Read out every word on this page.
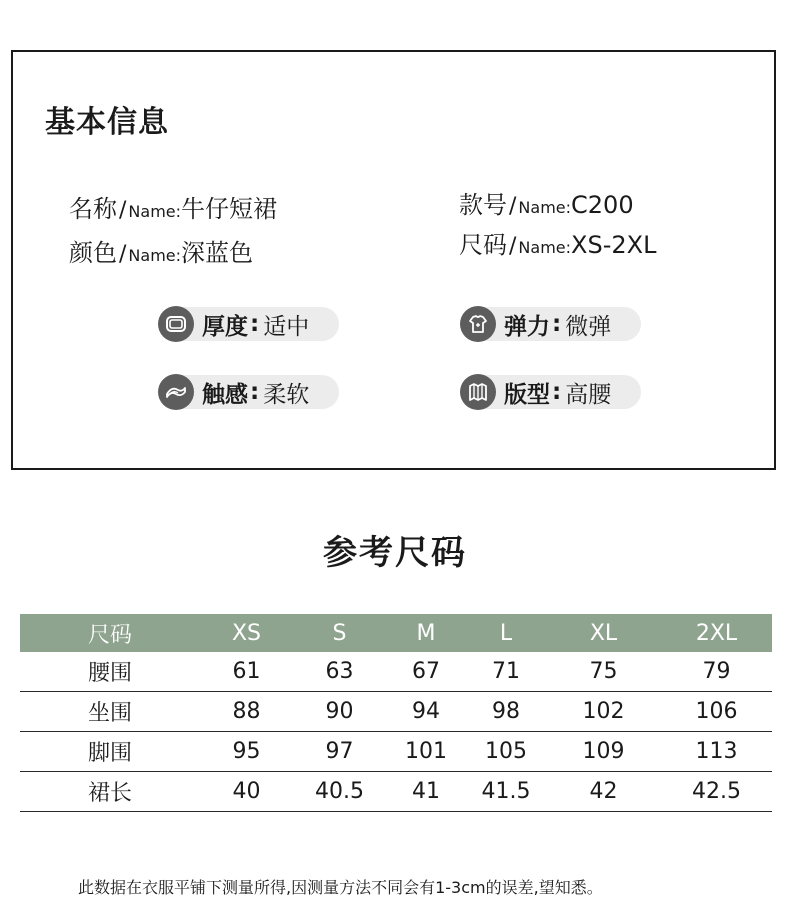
基本信息
名称 / Name : 牛仔短裙
颜色 / Name : 深蓝色
款号 / Name : C200
尺码 / Name : XS-2XL
厚度 : 适中	弹力 : 微弹
触感 : 柔软	版型 : 高腰
参考尺码
尺码	XS	S	M	L	XL	2XL
腰围	61	63	67	71	75	79
坐围	88	90	94	98	102	106
脚围	95	97	101	105	109	113
裙长	40	40.5	41	41.5	42	42.5

此数据在衣服平铺下测量所得,因测量方法不同会有1-3cm的误差,望知悉。
